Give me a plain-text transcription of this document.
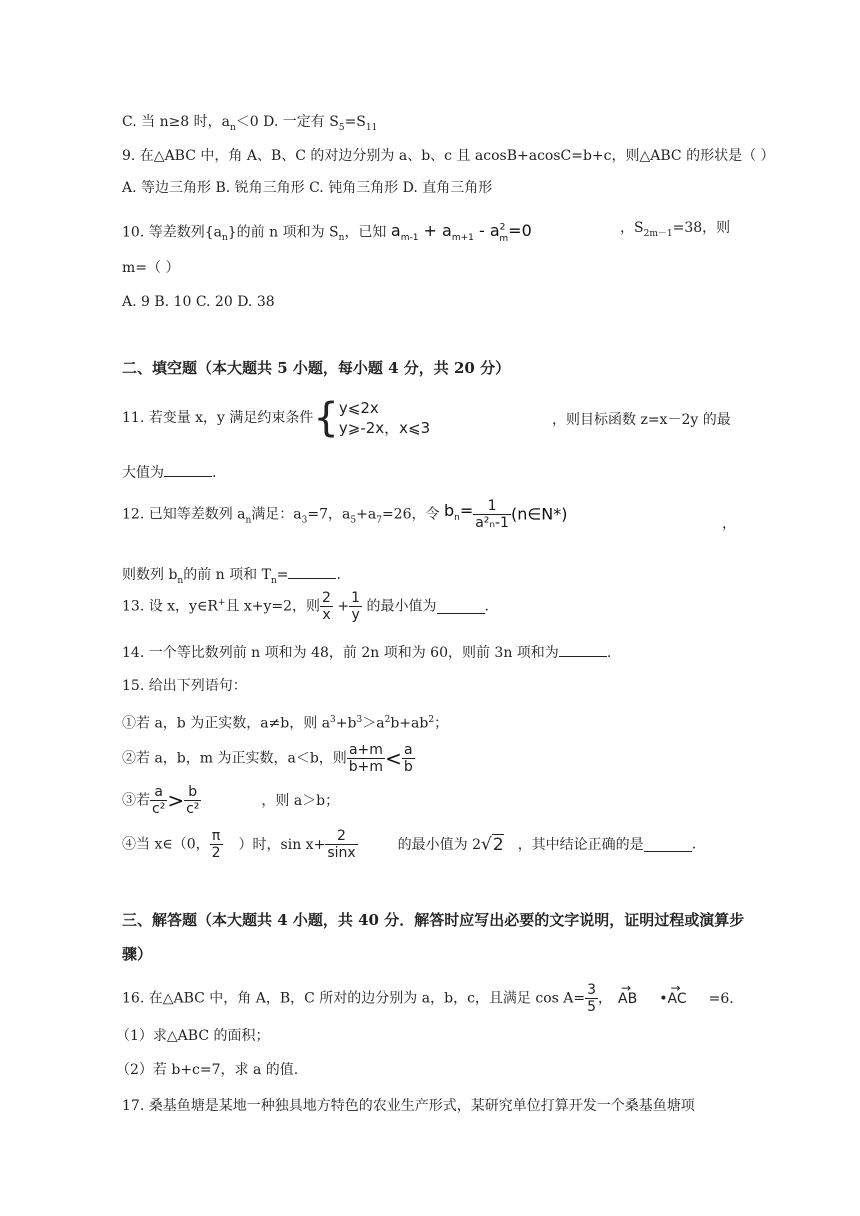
C. 当 n≥8 时，$a_n<0$ D. 一定有 $S_5=S_{11}$
9. 在△ABC 中，角 A、B、C 的对边分别为 a、b、c 且 acosB+acosC=b+c，则△ABC 的形状是（ ）
A. 等边三角形 B. 锐角三角形 C. 钝角三角形 D. 直角三角形
10. 等差数列$\{a_n\}$的前 n 项和为 $S_n$，已知 $a_{m-1} + a_{m+1} - a^2_m=0$	，$S_{2m-1}=38$，则
m=（ ）
A. 9 B. 10 C. 20 D. 38
二、填空题（本大题共 5 小题，每小题 4 分，共 20 分）
11. 若变量 x，y 满足约束条件{ y⩽2x
y⩾-2x，x⩽3	，则目标函数 z=x－2y 的最
大值为	.
12. 已知等差数列 $a_n$满足：$a_3=7$，$a_5+a_7=26$，令 $b_n= \frac{1}{\text{a²ₙ-1}}$ (n∈N*)
，
则数列 $b_n$的前 n 项和 $T_n=$	.
13. 设 x，y∈R+且 x+y=2，则 $\frac{2}{x} + \frac{1}{y}$ 的最小值为	.
14. 一个等比数列前 n 项和为 48，前 2n 项和为 60，则前 3n 项和为	.
15. 给出下列语句：
①若 a，b 为正实数，a≠b，则 $a^3+b^3>a^2b+ab^2$；
②若 a，b，m 为正实数，a＜b，则 $\frac{a+m}{b+m} < \frac{a}{b}$
③若 $\frac{a}{\text{c²}} > \frac{b}{\text{c²}}$	，则 a＞b；
④当 x∈（0， $\frac{\pi}{2}$ ）时，$\sin x+ \frac{2}{\sin x}$	的最小值为 2√2 ，其中结论正确的是	.
三、解答题（本大题共 4 小题，共 40 分．解答时应写出必要的文字说明，证明过程或演算步
骤）
16. 在△ABC 中，角 A，B，C 所对的边分别为 a，b，c，且满足 $\cos A= \frac{3}{5}$ ，→ AB •→ AC =6.
（1）求△ABC 的面积；
（2）若 b+c=7，求 a 的值.
17. 桑基鱼塘是某地一种独具地方特色的农业生产形式，某研究单位打算开发一个桑基鱼塘项
